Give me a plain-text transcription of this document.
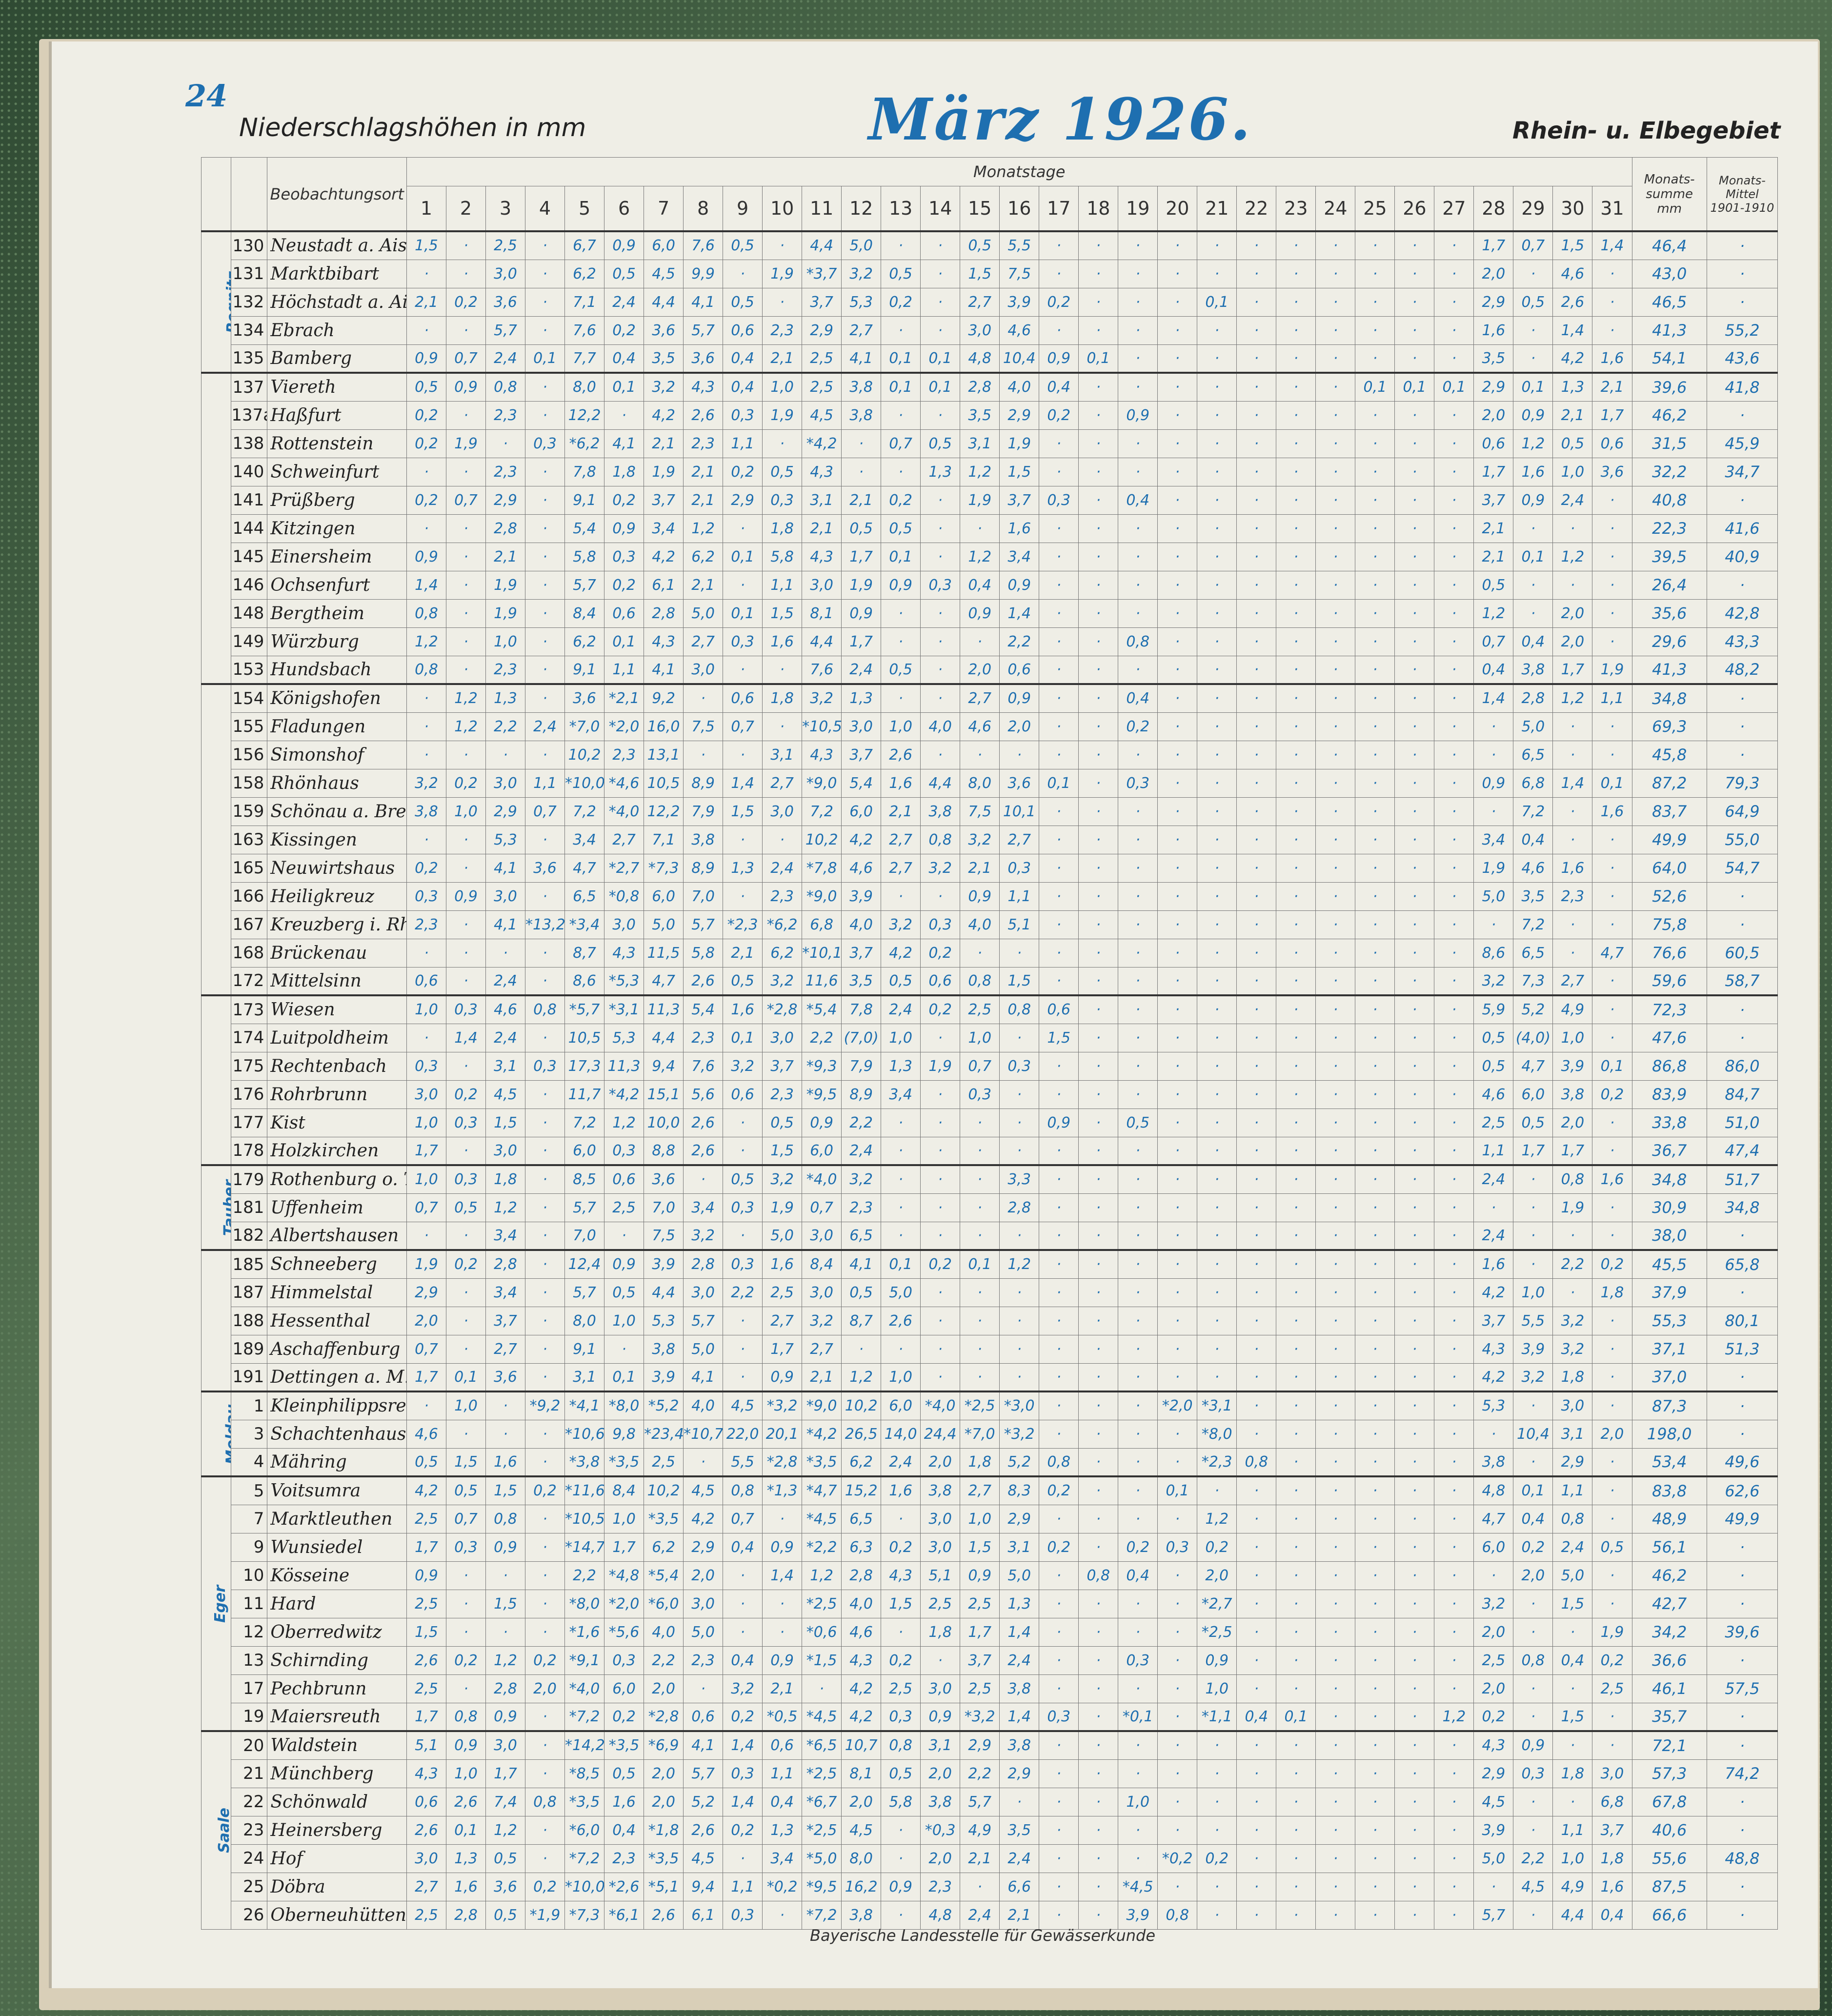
24	März 1926.
Niederschlagshöhen in mm	Rhein- u. Elbegebiet
	Stations Nr	Beobachtungsort	Monatstage																															Monats- summe mm	Monats- Mittel 1901-1910
			1	2	3	4	5	6	7	8	9	10	11	12	13	14	15	16	17	18	19	20	21	22	23	24	25	26	27	28	29	30	31		
Regnitz	130	Neustadt a. Ais	1,5	·	2,5	·	6,7	0,9	6,0	7,6	0,5	·	4,4	5,0	·	·	0,5	5,5	·	·	·	·	·	·	·	·	·	·	·	1,7	0,7	1,5	1,4	46,4	·
	131	Marktbibart	·	·	3,0	·	6,2	0,5	4,5	9,9	·	1,9	*3,7	3,2	0,5	·	1,5	7,5	·	·	·	·	·	·	·	·	·	·	·	2,0	·	4,6	·	43,0	·
	132	Höchstadt a. Ai	2,1	0,2	3,6	·	7,1	2,4	4,4	4,1	0,5	·	3,7	5,3	0,2	·	2,7	3,9	0,2	·	·	·	0,1	·	·	·	·	·	·	2,9	0,5	2,6	·	46,5	·
	134	Ebrach	·	·	5,7	·	7,6	0,2	3,6	5,7	0,6	2,3	2,9	2,7	·	·	3,0	4,6	·	·	·	·	·	·	·	·	·	·	·	1,6	·	1,4	·	41,3	55,2
	135	Bamberg	0,9	0,7	2,4	0,1	7,7	0,4	3,5	3,6	0,4	2,1	2,5	4,1	0,1	0,1	4,8	10,4	0,9	0,1	·	·	·	·	·	·	·	·	·	3,5	·	4,2	1,6	54,1	43,6
	137	Viereth	0,5	0,9	0,8	·	8,0	0,1	3,2	4,3	0,4	1,0	2,5	3,8	0,1	0,1	2,8	4,0	0,4	·	·	·	·	·	·	·	0,1	0,1	0,1	2,9	0,1	1,3	2,1	39,6	41,8
	137	Haßfurt	0,2	·	2,3	·	12,2	·	4,2	2,6	0,3	1,9	4,5	3,8	·	·	3,5	2,9	0,2	·	0,9	·	·	·	·	·	·	·	·	2,0	0,9	2,1	1,7	46,2	·
	138	Rottenstein	0,2	1,9	·	0,3	*6,2	4,1	2,1	2,3	1,1	·	*4,2	·	0,7	0,5	3,1	1,9	·	·	·	·	·	·	·	·	·	·	·	0,6	1,2	0,5	0,6	31,5	45,9
	140	Schweinfurt	·	·	2,3	·	7,8	1,8	1,9	2,1	0,2	0,5	4,3	·	·	1,3	1,2	1,5	·	·	·	·	·	·	·	·	·	·	·	1,7	1,6	1,0	3,6	32,2	34,7
	141	Prüßberg	0,2	0,7	2,9	·	9,1	0,2	3,7	2,1	2,9	0,3	3,1	2,1	0,2	·	1,9	3,7	0,3	·	0,4	·	·	·	·	·	·	·	·	3,7	0,9	2,4	·	40,8	·
	144	Kitzingen	·	·	2,8	·	5,4	0,9	3,4	1,2	·	1,8	2,1	0,5	0,5	·	·	1,6	·	·	·	·	·	·	·	·	·	·	·	2,1	·	·	·	22,3	41,6
	145	Einersheim	0,9	·	2,1	·	5,8	0,3	4,2	6,2	0,1	5,8	4,3	1,7	0,1	·	1,2	3,4	·	·	·	·	·	·	·	·	·	·	·	2,1	0,1	1,2	·	39,5	40,9
	146	Ochsenfurt	1,4	·	1,9	·	5,7	0,2	6,1	2,1	·	1,1	3,0	1,9	0,9	0,3	0,4	0,9	·	·	·	·	·	·	·	·	·	·	·	0,5	·	·	·	26,4	·
	148	Bergtheim	0,8	·	1,9	·	8,4	0,6	2,8	5,0	0,1	1,5	8,1	0,9	·	·	0,9	1,4	·	·	·	·	·	·	·	·	·	·	·	1,2	·	2,0	·	35,6	42,8
	149	Würzburg	1,2	·	1,0	·	6,2	0,1	4,3	2,7	0,3	1,6	4,4	1,7	·	·	·	2,2	·	·	0,8	·	·	·	·	·	·	·	·	0,7	0,4	2,0	·	29,6	43,3
	153	Hundsbach	0,8	·	2,3	·	9,1	1,1	4,1	3,0	·	·	7,6	2,4	0,5	·	2,0	0,6	·	·	·	·	·	·	·	·	·	·	·	0,4	3,8	1,7	1,9	41,3	48,2
	154	Königshofen	·	1,2	1,3	·	3,6	*2,1	9,2	·	0,6	1,8	3,2	1,3	·	·	2,7	0,9	·	·	0,4	·	·	·	·	·	·	·	·	1,4	2,8	1,2	1,1	34,8	·
	155	Fladungen	·	1,2	2,2	2,4	*7,0	*2,0	16,0	7,5	0,7	·	*10,5	3,0	1,0	4,0	4,6	2,0	·	·	0,2	·	·	·	·	·	·	·	·	·	5,0	·	·	69,3	·
	156	Simonshof	·	·	·	·	10,2	2,3	13,1	·	·	3,1	4,3	3,7	2,6	·	·	·	·	·	·	·	·	·	·	·	·	·	·	·	6,5	·	·	45,8	·
	158	Rhönhaus	3,2	0,2	3,0	1,1	*10,0	*4,6	10,5	8,9	1,4	2,7	*9,0	5,4	1,6	4,4	8,0	3,6	0,1	·	0,3	·	·	·	·	·	·	·	·	0,9	6,8	1,4	0,1	87,2	79,3
	159	Schönau a. Bre	3,8	1,0	2,9	0,7	7,2	*4,0	12,2	7,9	1,5	3,0	7,2	6,0	2,1	3,8	7,5	10,1	·	·	·	·	·	·	·	·	·	·	·	·	7,2	·	1,6	83,7	64,9
	163	Kissingen	·	·	5,3	·	3,4	2,7	7,1	3,8	·	·	10,2	4,2	2,7	0,8	3,2	2,7	·	·	·	·	·	·	·	·	·	·	·	3,4	0,4	·	·	49,9	55,0
	165	Neuwirtshaus	0,2	·	4,1	3,6	4,7	*2,7	*7,3	8,9	1,3	2,4	*7,8	4,6	2,7	3,2	2,1	0,3	·	·	·	·	·	·	·	·	·	·	·	1,9	4,6	1,6	·	64,0	54,7
	166	Heiligkreuz	0,3	0,9	3,0	·	6,5	*0,8	6,0	7,0	·	2,3	*9,0	3,9	·	·	0,9	1,1	·	·	·	·	·	·	·	·	·	·	·	5,0	3,5	2,3	·	52,6	·
	167	Kreuzberg i. R	2,3	·	4,1	*13,2	*3,4	3,0	5,0	5,7	*2,3	*6,2	6,8	4,0	3,2	0,3	4,0	5,1	·	·	·	·	·	·	·	·	·	·	·	·	7,2	·	·	75,8	·
	168	Brückenau	·	·	·	·	8,7	4,3	11,5	5,8	2,1	6,2	*10,1	3,7	4,2	0,2	·	·	·	·	·	·	·	·	·	·	·	·	·	8,6	6,5	·	4,7	76,6	60,5
	172	Mittelsinn	0,6	·	2,4	·	8,6	*5,3	4,7	2,6	0,5	3,2	11,6	3,5	0,5	0,6	0,8	1,5	·	·	·	·	·	·	·	·	·	·	·	3,2	7,3	2,7	·	59,6	58,7
	173	Wiesen	1,0	0,3	4,6	0,8	*5,7	*3,1	11,3	5,4	1,6	*2,8	*5,4	7,8	2,4	0,2	2,5	0,8	0,6	·	·	·	·	·	·	·	·	·	·	5,9	5,2	4,9	·	72,3	·
	174	Luitpoldheim	·	1,4	2,4	·	10,5	5,3	4,4	2,3	0,1	3,0	2,2	(7,0)	1,0	·	1,0	·	1,5	·	·	·	·	·	·	·	·	·	·	0,5	(4,0)	1,0	·	47,6	·
	175	Rechtenbach	0,3	·	3,1	0,3	17,3	11,3	9,4	7,6	3,2	3,7	*9,3	7,9	1,3	1,9	0,7	0,3	·	·	·	·	·	·	·	·	·	·	·	0,5	4,7	3,9	0,1	86,8	86,0
	176	Rohrbrunn	3,0	0,2	4,5	·	11,7	*4,2	15,1	5,6	0,6	2,3	*9,5	8,9	3,4	·	0,3	·	·	·	·	·	·	·	·	·	·	·	·	4,6	6,0	3,8	0,2	83,9	84,7
	177	Kist	1,0	0,3	1,5	·	7,2	1,2	10,0	2,6	·	0,5	0,9	2,2	·	·	·	·	0,9	·	0,5	·	·	·	·	·	·	·	·	2,5	0,5	2,0	·	33,8	51,0
	178	Holzkirchen	1,7	·	3,0	·	6,0	0,3	8,8	2,6	·	1,5	6,0	2,4	·	·	·	·	·	·	·	·	·	·	·	·	·	·	·	1,1	1,7	1,7	·	36,7	47,4
Tauber	179	Rothenburg o. T	1,0	0,3	1,8	·	8,5	0,6	3,6	·	0,5	3,2	*4,0	3,2	·	·	·	3,3	·	·	·	·	·	·	·	·	·	·	·	2,4	·	0,8	1,6	34,8	51,7
	181	Uffenheim	0,7	0,5	1,2	·	5,7	2,5	7,0	3,4	0,3	1,9	0,7	2,3	·	·	·	2,8	·	·	·	·	·	·	·	·	·	·	·	·	·	1,9	·	30,9	34,8
	182	Albertshausen	·	·	3,4	·	7,0	·	7,5	3,2	·	5,0	3,0	6,5	·	·	·	·	·	·	·	·	·	·	·	·	·	·	·	2,4	·	·	·	38,0	·
	185	Schneeberg	1,9	0,2	2,8	·	12,4	0,9	3,9	2,8	0,3	1,6	8,4	4,1	0,1	0,2	0,1	1,2	·	·	·	·	·	·	·	·	·	·	·	1,6	·	2,2	0,2	45,5	65,8
	187	Himmelstal	2,9	·	3,4	·	5,7	0,5	4,4	3,0	2,2	2,5	3,0	0,5	5,0	·	·	·	·	·	·	·	·	·	·	·	·	·	·	4,2	1,0	·	1,8	37,9	·
	188	Hessenthal	2,0	·	3,7	·	8,0	1,0	5,3	5,7	·	2,7	3,2	8,7	2,6	·	·	·	·	·	·	·	·	·	·	·	·	·	·	3,7	5,5	3,2	·	55,3	80,1
	189	Aschaffenburg	0,7	·	2,7	·	9,1	·	3,8	5,0	·	1,7	2,7	·	·	·	·	·	·	·	·	·	·	·	·	·	·	·	·	4,3	3,9	3,2	·	37,1	51,3
	191	Dettingen a. M.	1,7	0,1	3,6	·	3,1	0,1	3,9	4,1	·	0,9	2,1	1,2	1,0	·	·	·	·	·	·	·	·	·	·	·	·	·	·	4,2	3,2	1,8	·	37,0	·
Moldau	1	Kleinphilippsre	·	1,0	·	*9,2	*4,1	*8,0	*5,2	4,0	4,5	*3,2	*9,0	10,2	6,0	*4,0	*2,5	*3,0	·	·	·	*2,0	*3,1	·	·	·	·	·	·	5,3	·	3,0	·	87,3	·
	3	Schachtenhaus	4,6	·	·	·	*10,6	9,8	*23,4	*10,7	22,0	20,1	*4,2	26,5	14,0	24,4	*7,0	*3,2	·	·	·	·	*8,0	·	·	·	·	·	·	·	10,4	3,1	2,0	198,0	·
	4	Mähring	0,5	1,5	1,6	·	*3,8	*3,5	2,5	·	5,5	*2,8	*3,5	6,2	2,4	2,0	1,8	5,2	0,8	·	·	·	*2,3	0,8	·	·	·	·	·	3,8	·	2,9	·	53,4	49,6
Eger	5	Voitsumra	4,2	0,5	1,5	0,2	*11,6	8,4	10,2	4,5	0,8	*1,3	*4,7	15,2	1,6	3,8	2,7	8,3	0,2	·	·	0,1	·	·	·	·	·	·	·	4,8	0,1	1,1	·	83,8	62,6
	7	Marktleuthen	2,5	0,7	0,8	·	*10,5	1,0	*3,5	4,2	0,7	·	*4,5	6,5	·	3,0	1,0	2,9	·	·	·	·	1,2	·	·	·	·	·	·	4,7	0,4	0,8	·	48,9	49,9
	9	Wunsiedel	1,7	0,3	0,9	·	*14,7	1,7	6,2	2,9	0,4	0,9	*2,2	6,3	0,2	3,0	1,5	3,1	0,2	·	0,2	0,3	0,2	·	·	·	·	·	·	6,0	0,2	2,4	0,5	56,1	·
	10	Kösseine	0,9	·	·	·	2,2	*4,8	*5,4	2,0	·	1,4	1,2	2,8	4,3	5,1	0,9	5,0	·	0,8	0,4	·	2,0	·	·	·	·	·	·	·	2,0	5,0	·	46,2	·
	11	Hard	2,5	·	1,5	·	*8,0	*2,0	*6,0	3,0	·	·	*2,5	4,0	1,5	2,5	2,5	1,3	·	·	·	·	*2,7	·	·	·	·	·	·	3,2	·	1,5	·	42,7	·
	12	Oberredwitz	1,5	·	·	·	*1,6	*5,6	4,0	5,0	·	·	*0,6	4,6	·	1,8	1,7	1,4	·	·	·	·	*2,5	·	·	·	·	·	·	2,0	·	·	1,9	34,2	39,6
	13	Schirnding	2,6	0,2	1,2	0,2	*9,1	0,3	2,2	2,3	0,4	0,9	*1,5	4,3	0,2	·	3,7	2,4	·	·	0,3	·	0,9	·	·	·	·	·	·	2,5	0,8	0,4	0,2	36,6	·
	17	Pechbrunn	2,5	·	2,8	2,0	*4,0	6,0	2,0	·	3,2	2,1	·	4,2	2,5	3,0	2,5	3,8	·	·	·	·	1,0	·	·	·	·	·	·	2,0	·	·	2,5	46,1	57,5
	19	Maiersreuth	1,7	0,8	0,9	·	*7,2	0,2	*2,8	0,6	0,2	*0,5	*4,5	4,2	0,3	0,9	*3,2	1,4	0,3	·	*0,1	·	*1,1	0,4	0,1	·	·	·	1,2	0,2	·	1,5	·	35,7	·
Saale	20	Waldstein	5,1	0,9	3,0	·	*14,2	*3,5	*6,9	4,1	1,4	0,6	*6,5	10,7	0,8	3,1	2,9	3,8	·	·	·	·	·	·	·	·	·	·	·	4,3	0,9	·	·	72,1	·
	21	Münchberg	4,3	1,0	1,7	·	*8,5	0,5	2,0	5,7	0,3	1,1	*2,5	8,1	0,5	2,0	2,2	2,9	·	·	·	·	·	·	·	·	·	·	·	2,9	0,3	1,8	3,0	57,3	74,2
	22	Schönwald	0,6	2,6	7,4	0,8	*3,5	1,6	2,0	5,2	1,4	0,4	*6,7	2,0	5,8	3,8	5,7	·	·	·	1,0	·	·	·	·	·	·	·	·	4,5	·	·	6,8	67,8	·
	23	Heinersberg	2,6	0,1	1,2	·	*6,0	0,4	*1,8	2,6	0,2	1,3	*2,5	4,5	·	*0,3	4,9	3,5	·	·	·	·	·	·	·	·	·	·	·	3,9	·	1,1	3,7	40,6	·
	24	Hof	3,0	1,3	0,5	·	*7,2	2,3	*3,5	4,5	·	3,4	*5,0	8,0	·	2,0	2,1	2,4	·	·	·	*0,2	0,2	·	·	·	·	·	·	5,0	2,2	1,0	1,8	55,6	48,8
	25	Döbra	2,7	1,6	3,6	0,2	*10,0	*2,6	*5,1	9,4	1,1	*0,2	*9,5	16,2	0,9	2,3	·	6,6	·	·	*4,5	·	·	·	·	·	·	·	·	·	4,5	4,9	1,6	87,5	·
	26	Oberneuhütten	2,5	2,8	0,5	*1,9	*7,3	*6,1	2,6	6,1	0,3	·	*7,2	3,8	·	4,8	2,4	2,1	·	·	3,9	0,8	·	·	·	·	·	·	·	5,7	·	4,4	0,4	66,6	·
Bayerische Landesstelle für Gewässerkunde
